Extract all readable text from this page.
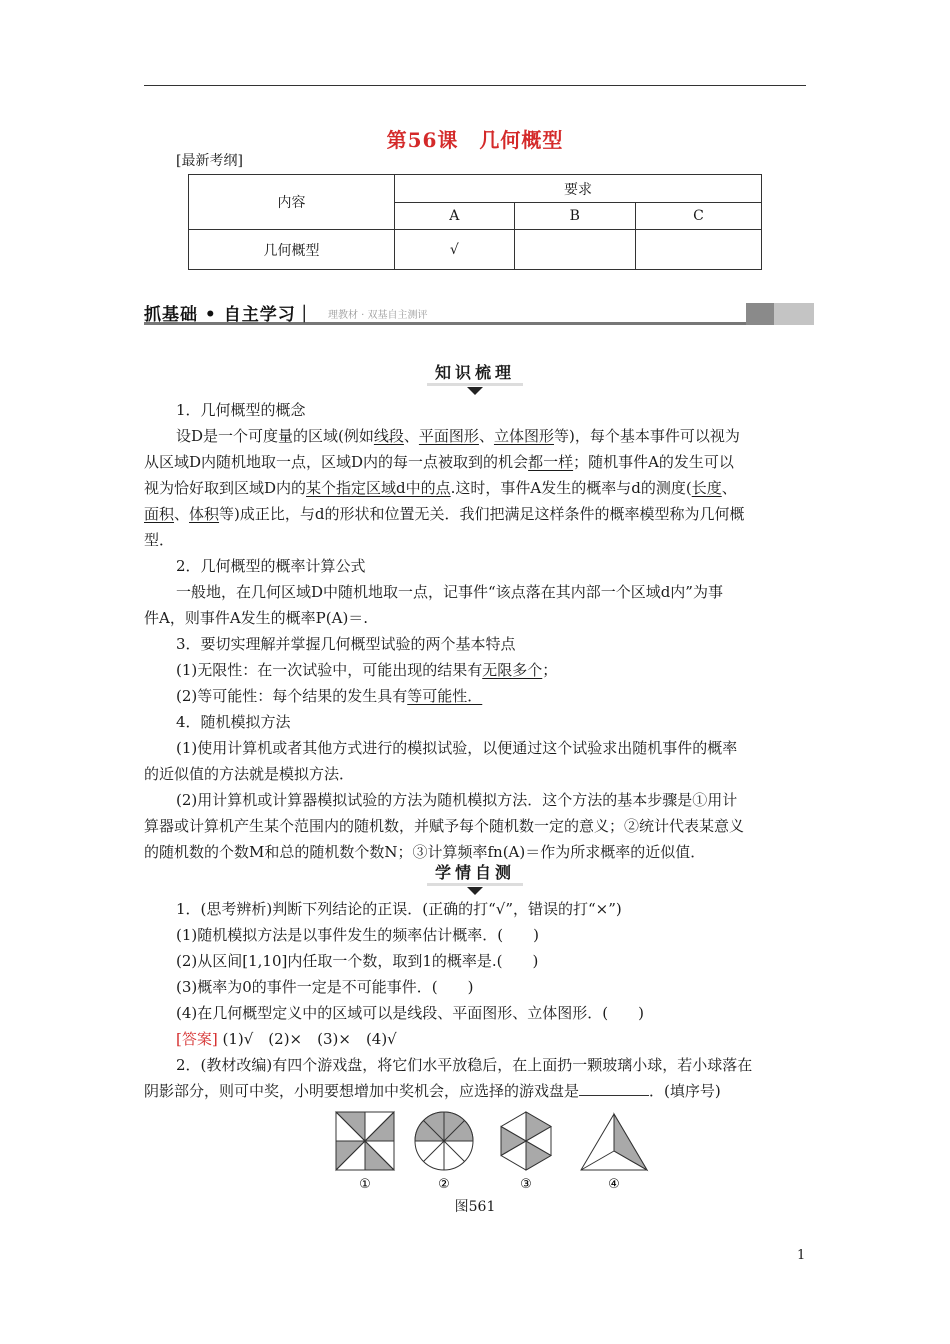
第56课　几何概型
[最新考纲]
内容	要求		
	A	B	C
几何概型	√		
抓基础 • 自主学习｜ 理教材 · 双基自主测评
知识梳理
1．几何概型的概念
设D是一个可度量的区域(例如线段、平面图形、立体图形等)，每个基本事件可以视为
从区域D内随机地取一点，区域D内的每一点被取到的机会都一样；随机事件A的发生可以
视为恰好取到区域D内的某个指定区域d中的点.这时，事件A发生的概率与d的测度(长度、
面积、体积等)成正比，与d的形状和位置无关．我们把满足这样条件的概率模型称为几何概
型．
2．几何概型的概率计算公式
一般地，在几何区域D中随机地取一点，记事件“该点落在其内部一个区域d内”为事
件A，则事件A发生的概率P(A)＝.
3．要切实理解并掌握几何概型试验的两个基本特点
(1)无限性：在一次试验中，可能出现的结果有无限多个；
(2)等可能性：每个结果的发生具有等可能性．
4．随机模拟方法
(1)使用计算机或者其他方式进行的模拟试验，以便通过这个试验求出随机事件的概率
的近似值的方法就是模拟方法．
(2)用计算机或计算器模拟试验的方法为随机模拟方法．这个方法的基本步骤是①用计
算器或计算机产生某个范围内的随机数，并赋予每个随机数一定的意义；②统计代表某意义
的随机数的个数M和总的随机数个数N；③计算频率fn(A)＝作为所求概率的近似值．
学情自测
1．(思考辨析)判断下列结论的正误．(正确的打“√”，错误的打“×”)
(1)随机模拟方法是以事件发生的频率估计概率．(　　)
(2)从区间[1,10]内任取一个数，取到1的概率是.(　　)
(3)概率为0的事件一定是不可能事件．(　　)
(4)在几何概型定义中的区域可以是线段、平面图形、立体图形．(　　)
[答案] (1)√　(2)×　(3)×　(4)√
2．(教材改编)有四个游戏盘，将它们水平放稳后，在上面扔一颗玻璃小球，若小球落在
阴影部分，则可中奖，小明要想增加中奖机会，应选择的游戏盘是	．(填序号)
①	②	③	④
图561
1
